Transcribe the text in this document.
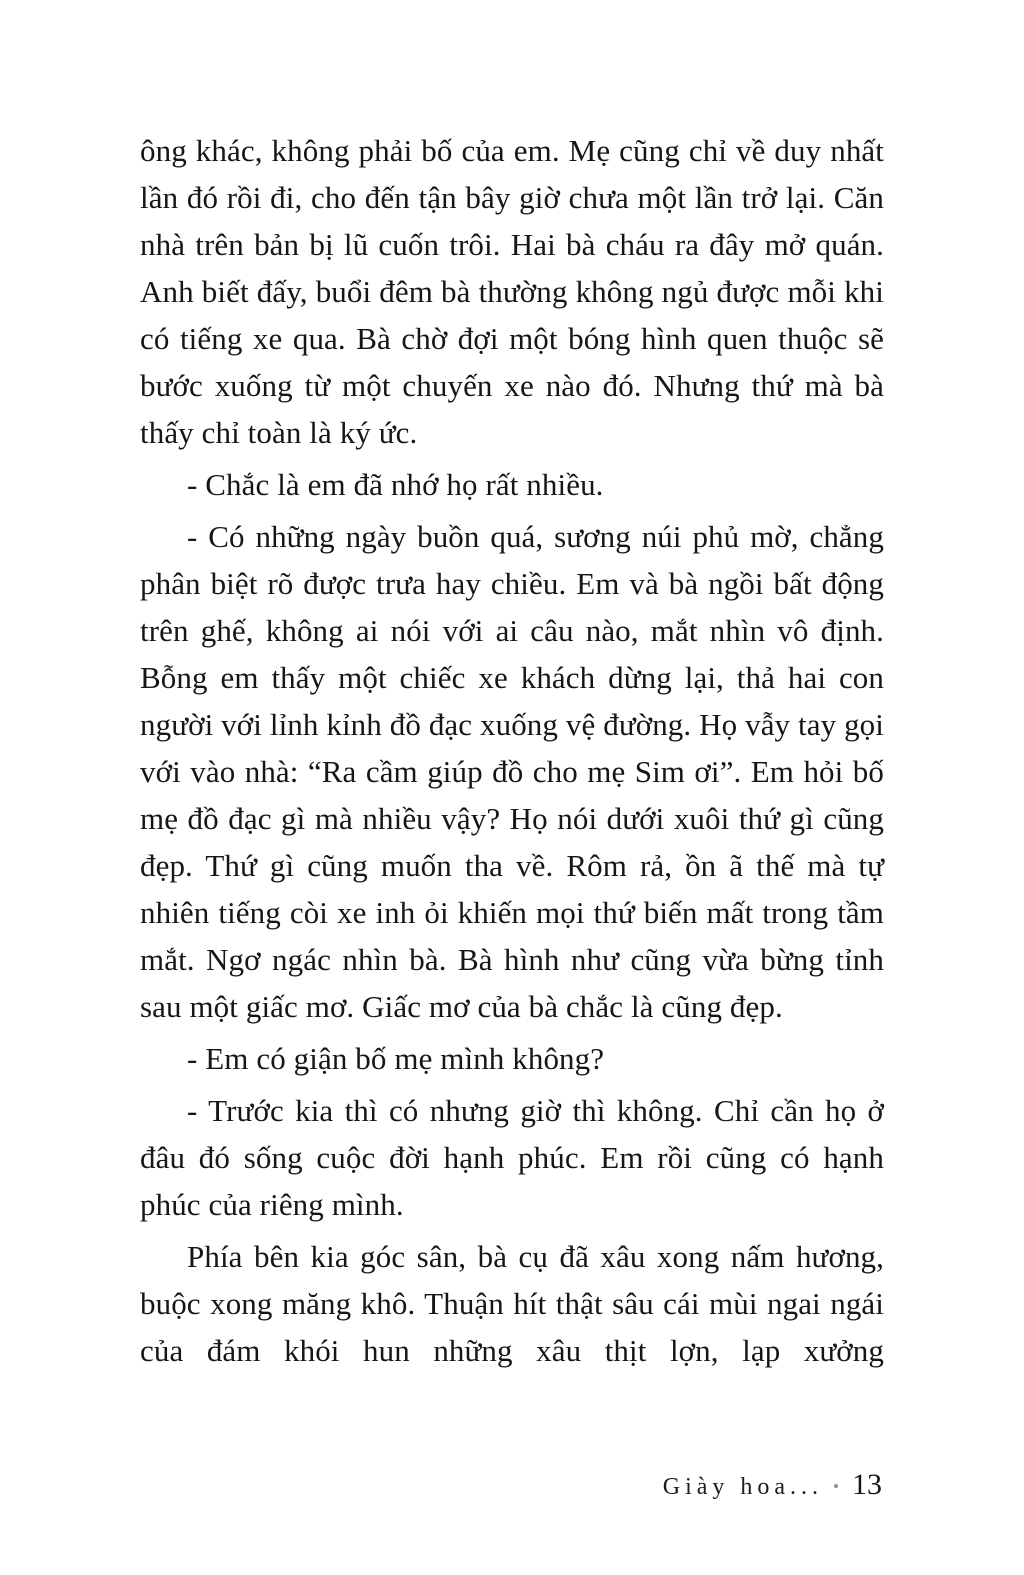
ông khác, không phải bố của em. Mẹ cũng chỉ về duy nhất lần đó rồi đi, cho đến tận bây giờ chưa một lần trở lại. Căn nhà trên bản bị lũ cuốn trôi. Hai bà cháu ra đây mở quán. Anh biết đấy, buổi đêm bà thường không ngủ được mỗi khi có tiếng xe qua. Bà chờ đợi một bóng hình quen thuộc sẽ bước xuống từ một chuyến xe nào đó. Nhưng thứ mà bà thấy chỉ toàn là ký ức.

- Chắc là em đã nhớ họ rất nhiều.

- Có những ngày buồn quá, sương núi phủ mờ, chẳng phân biệt rõ được trưa hay chiều. Em và bà ngồi bất động trên ghế, không ai nói với ai câu nào, mắt nhìn vô định. Bỗng em thấy một chiếc xe khách dừng lại, thả hai con người với lỉnh kỉnh đồ đạc xuống vệ đường. Họ vẫy tay gọi với vào nhà: “Ra cầm giúp đồ cho mẹ Sim ơi”. Em hỏi bố mẹ đồ đạc gì mà nhiều vậy? Họ nói dưới xuôi thứ gì cũng đẹp. Thứ gì cũng muốn tha về. Rôm rả, ồn ã thế mà tự nhiên tiếng còi xe inh ỏi khiến mọi thứ biến mất trong tầm mắt. Ngơ ngác nhìn bà. Bà hình như cũng vừa bừng tỉnh sau một giấc mơ. Giấc mơ của bà chắc là cũng đẹp.

- Em có giận bố mẹ mình không?

- Trước kia thì có nhưng giờ thì không. Chỉ cần họ ở đâu đó sống cuộc đời hạnh phúc. Em rồi cũng có hạnh phúc của riêng mình.

Phía bên kia góc sân, bà cụ đã xâu xong nấm hương, buộc xong măng khô. Thuận hít thật sâu cái mùi ngai ngái của đám khói hun những xâu thịt lợn, lạp xưởng

Giày hoa... • 13
